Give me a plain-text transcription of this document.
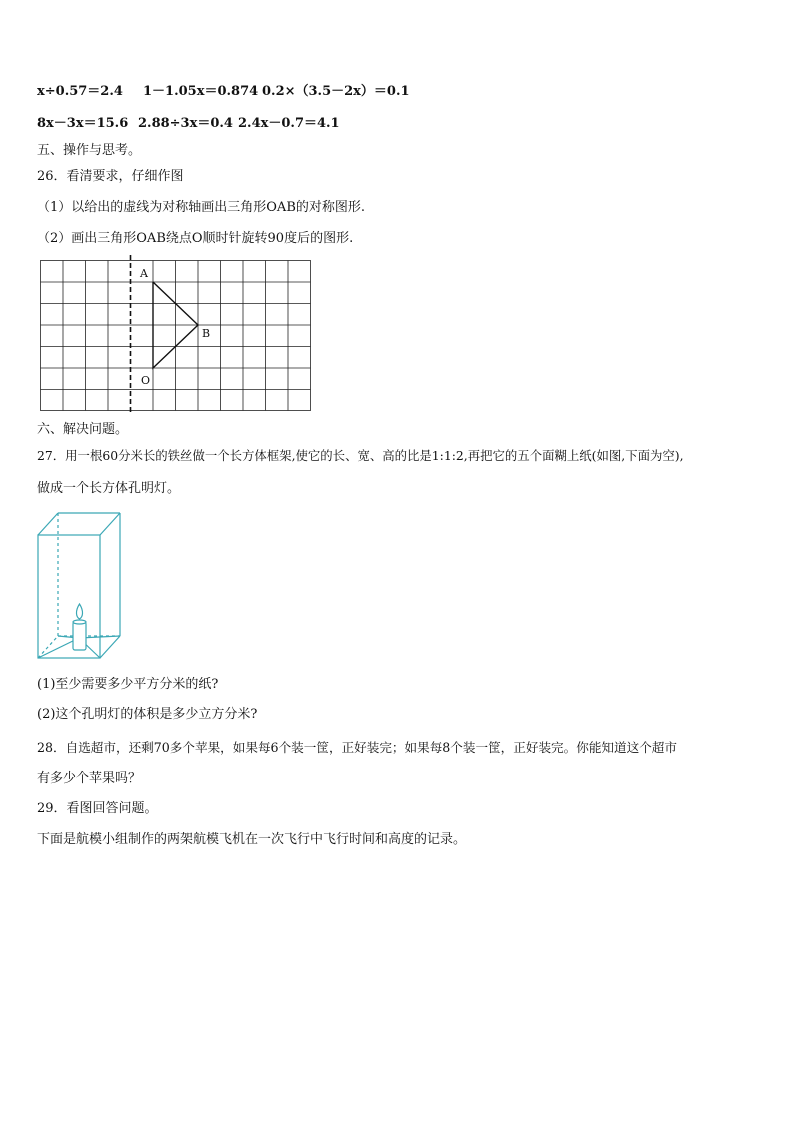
x÷0.57＝2.4 1－1.05x＝0.874 0.2×（3.5－2x）＝0.1
8x－3x＝15.6 2.88÷3x＝0.4 2.4x－0.7＝4.1
五、操作与思考。
26．看清要求，仔细作图
（1）以给出的虚线为对称轴画出三角形OAB的对称图形.
（2）画出三角形OAB绕点O顺时针旋转90度后的图形.
A
B
O
六、解决问题。
27．用一根60分米长的铁丝做一个长方体框架,使它的长、宽、高的比是1:1:2,再把它的五个面糊上纸(如图,下面为空),
做成一个长方体孔明灯。
(1)至少需要多少平方分米的纸?
(2)这个孔明灯的体积是多少立方分米?
28．自选超市，还剩70多个苹果，如果每6个装一筐，正好装完；如果每8个装一筐，正好装完。你能知道这个超市
有多少个苹果吗？
29．看图回答问题。
下面是航模小组制作的两架航模飞机在一次飞行中飞行时间和高度的记录。
